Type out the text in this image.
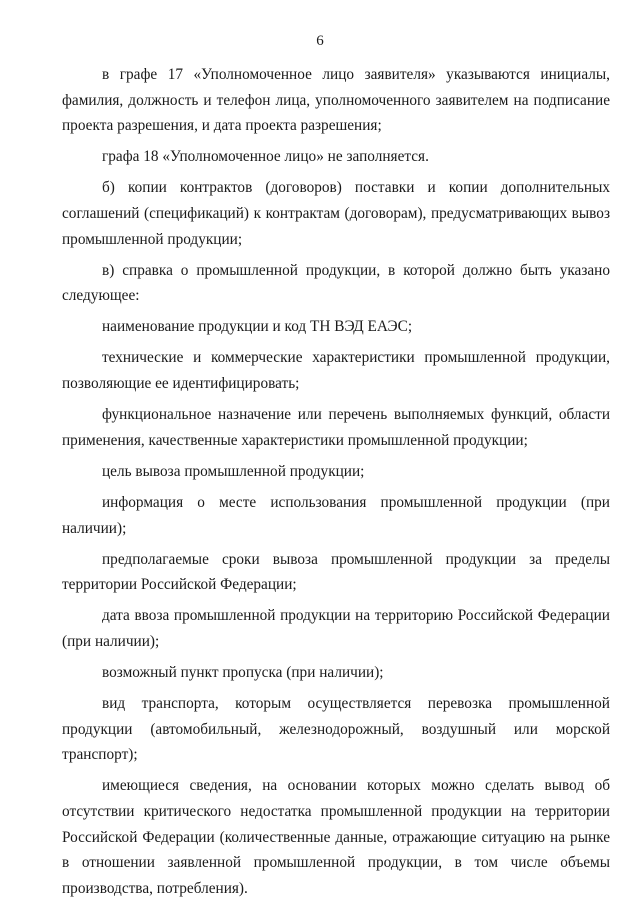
6

в графе 17 «Уполномоченное лицо заявителя» указываются инициалы, фамилия, должность и телефон лица, уполномоченного заявителем на подписание проекта разрешения, и дата проекта разрешения;

графа 18 «Уполномоченное лицо» не заполняется.

б) копии контрактов (договоров) поставки и копии дополнительных соглашений (спецификаций) к контрактам (договорам), предусматривающих вывоз промышленной продукции;

в) справка о промышленной продукции, в которой должно быть указано следующее:

наименование продукции и код ТН ВЭД ЕАЭС;

технические и коммерческие характеристики промышленной продукции, позволяющие ее идентифицировать;

функциональное назначение или перечень выполняемых функций, области применения, качественные характеристики промышленной продукции;

цель вывоза промышленной продукции;

информация о месте использования промышленной продукции (при наличии);

предполагаемые сроки вывоза промышленной продукции за пределы территории Российской Федерации;

дата ввоза промышленной продукции на территорию Российской Федерации (при наличии);

возможный пункт пропуска (при наличии);

вид транспорта, которым осуществляется перевозка промышленной продукции (автомобильный, железнодорожный, воздушный или морской транспорт);

имеющиеся сведения, на основании которых можно сделать вывод об отсутствии критического недостатка промышленной продукции на территории Российской Федерации (количественные данные, отражающие ситуацию на рынке в отношении заявленной промышленной продукции, в том числе объемы производства, потребления).
